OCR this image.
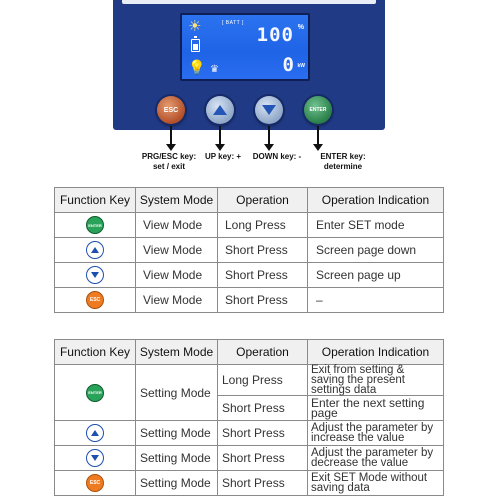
☀
💡 ♛
[ BATT ]
100 %
0 kW
ESC	ENTER
PRG/ESC key:
set / exit
UP key: +	DOWN key: -	ENTER key:
determine
Function Key	System Mode	Operation	Operation Indication
ENTER	View Mode	Long Press	Enter SET mode

	View Mode	Short Press	Screen page down

	View Mode	Short Press	Screen page up
ESC	View Mode	Short Press	–
Function Key	System Mode	Operation	Operation Indication
ENTER	Setting Mode	Long Press	Exit from setting & saving the present settings data
		Short Press	Enter the next setting page

	Setting Mode	Short Press	Adjust the parameter by increase the value

	Setting Mode	Short Press	Adjust the parameter by decrease the value
ESC	Setting Mode	Short Press	Exit SET Mode without saving data
